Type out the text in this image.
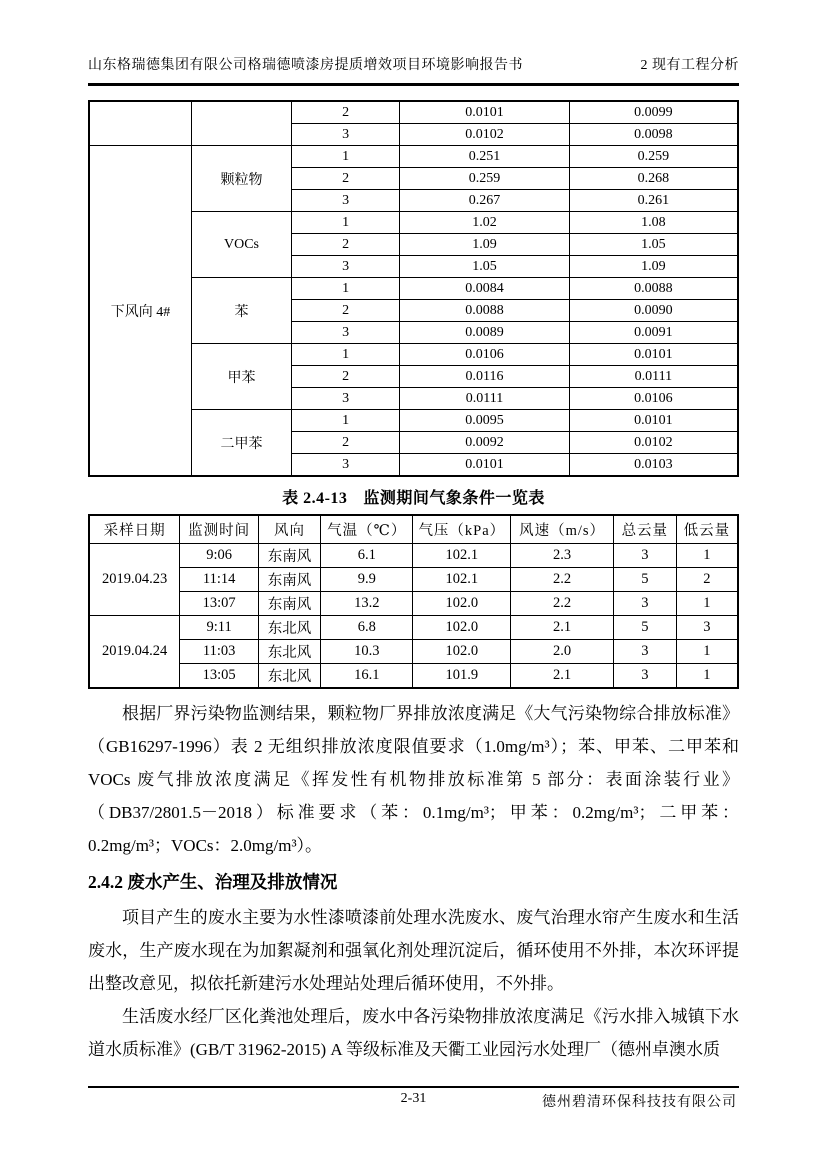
山东格瑞德集团有限公司格瑞德喷漆房提质增效项目环境影响报告书	2 现有工程分析
		2	0.0101	0.0099
		3	0.0102	0.0098
下风向 4#	颗粒物	1	0.251	0.259
		2	0.259	0.268
		3	0.267	0.261
	VOCs	1	1.02	1.08
		2	1.09	1.05
		3	1.05	1.09
	苯	1	0.0084	0.0088
		2	0.0088	0.0090
		3	0.0089	0.0091
	甲苯	1	0.0106	0.0101
		2	0.0116	0.0111
		3	0.0111	0.0106
	二甲苯	1	0.0095	0.0101
		2	0.0092	0.0102
		3	0.0101	0.0103
表 2.4-13 监测期间气象条件一览表
采样日期	监测时间	风向	气温（℃）	气压（kPa）	风速（m/s）	总云量	低云量
2019.04.23	9:06	东南风	6.1	102.1	2.3	3	1
	11:14	东南风	9.9	102.1	2.2	5	2
	13:07	东南风	13.2	102.0	2.2	3	1
2019.04.24	9:11	东北风	6.8	102.0	2.1	5	3
	11:03	东北风	10.3	102.0	2.0	3	1
	13:05	东北风	16.1	101.9	2.1	3	1

根据厂界污染物监测结果，颗粒物厂界排放浓度满足《大气污染物综合排放标准》（GB16297-1996）表 2 无组织排放浓度限值要求（1.0mg/m³）；苯、甲苯、二甲苯和 VOCs 废气排放浓度满足《挥发性有机物排放标准第 5 部分：表面涂装行业》（DB37/2801.5－2018）标准要求（苯：0.1mg/m³；甲苯：0.2mg/m³；二甲苯：0.2mg/m³；VOCs：2.0mg/m³）。

2.4.2 废水产生、治理及排放情况

项目产生的废水主要为水性漆喷漆前处理水洗废水、废气治理水帘产生废水和生活废水，生产废水现在为加絮凝剂和强氧化剂处理沉淀后，循环使用不外排，本次环评提出整改意见，拟依托新建污水处理站处理后循环使用，不外排。

生活废水经厂区化粪池处理后，废水中各污染物排放浓度满足《污水排入城镇下水道水质标准》(GB/T 31962-2015) A 等级标准及天衢工业园污水处理厂（德州卓澳水质

2-31	德州碧清环保科技技有限公司
